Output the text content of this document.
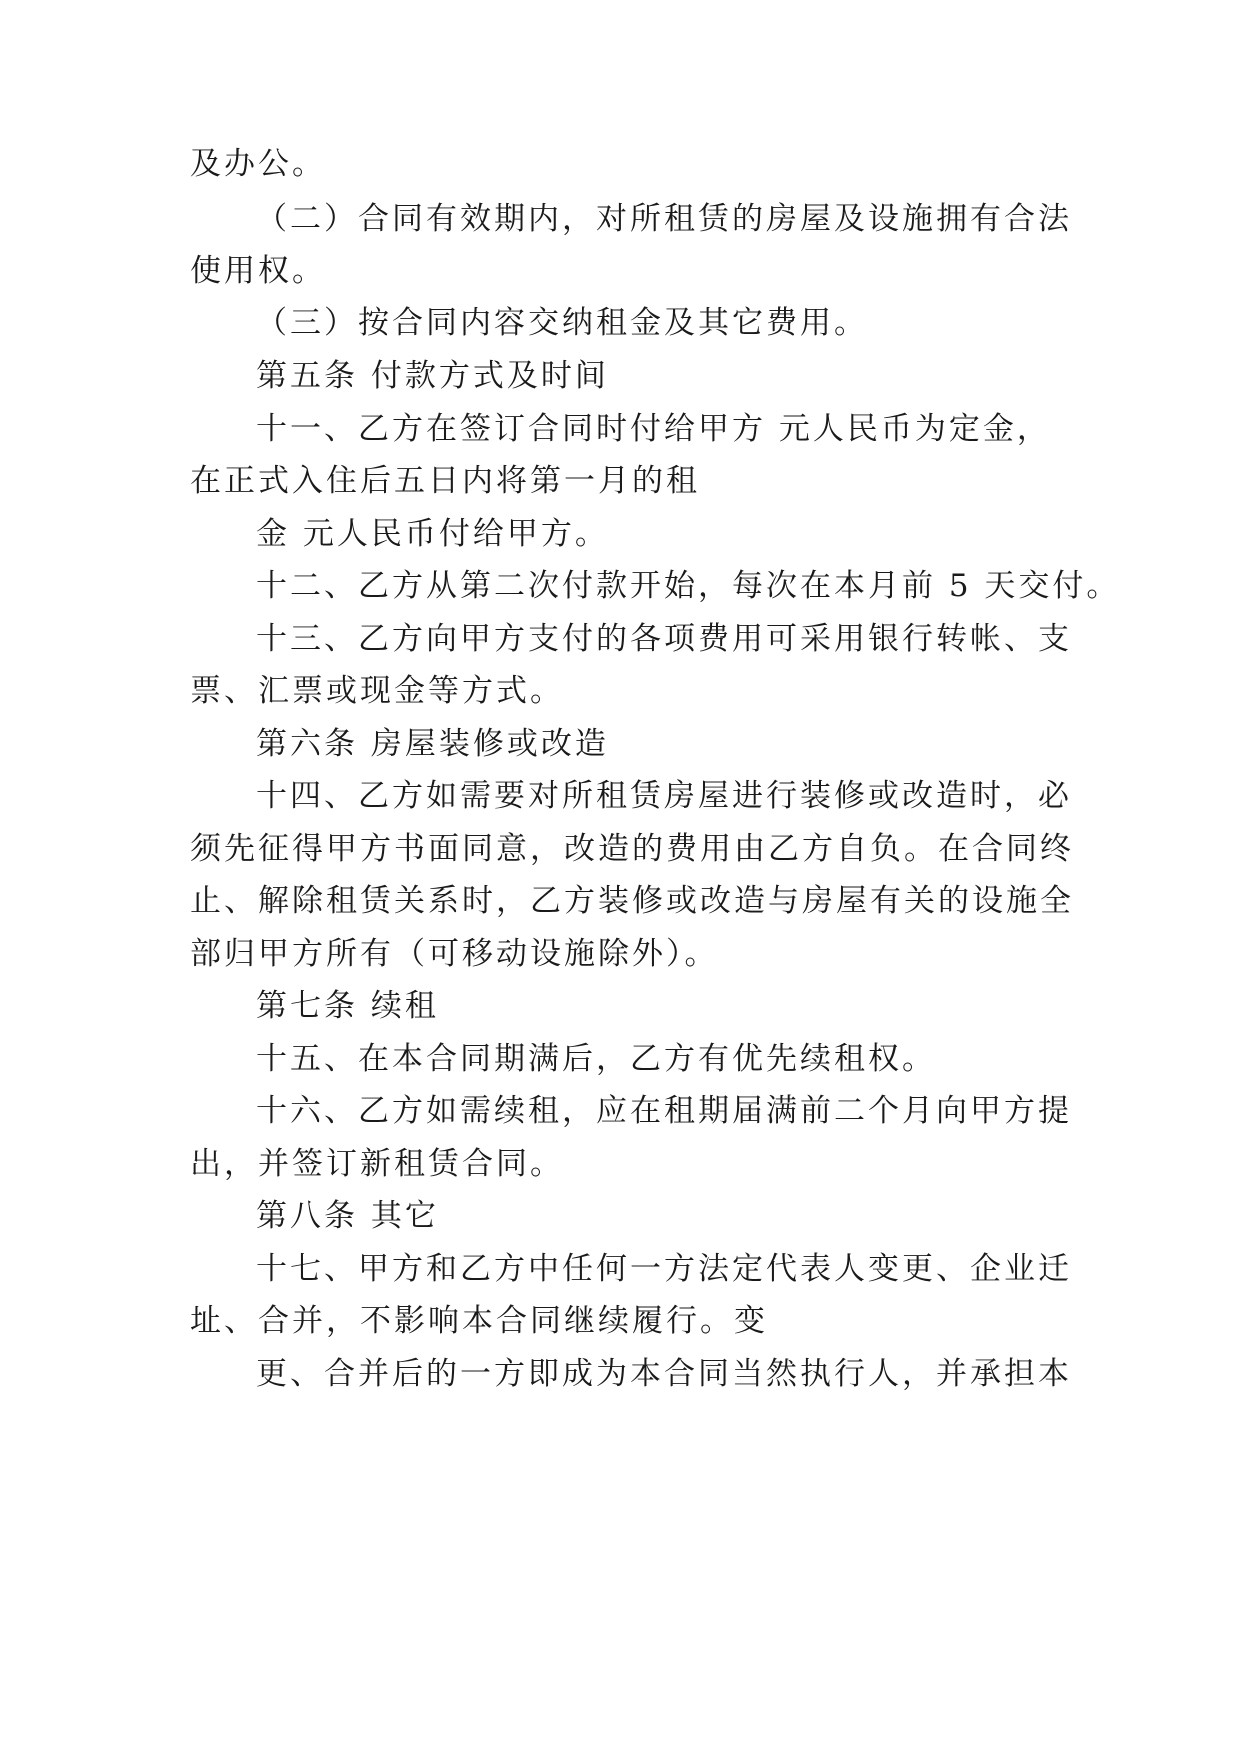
及办公。
（二）合同有效期内，对所租赁的房屋及设施拥有合法
使用权。
（三）按合同内容交纳租金及其它费用。
第五条 付款方式及时间
十一、乙方在签订合同时付给甲方 元人民币为定金，
在正式入住后五日内将第一月的租
金 元人民币付给甲方。
十二、乙方从第二次付款开始，每次在本月前 5 天交付。
十三、乙方向甲方支付的各项费用可采用银行转帐、支
票、汇票或现金等方式。
第六条 房屋装修或改造
十四、乙方如需要对所租赁房屋进行装修或改造时，必
须先征得甲方书面同意，改造的费用由乙方自负。在合同终
止、解除租赁关系时，乙方装修或改造与房屋有关的设施全
部归甲方所有（可移动设施除外）。
第七条 续租
十五、在本合同期满后，乙方有优先续租权。
十六、乙方如需续租，应在租期届满前二个月向甲方提
出，并签订新租赁合同。
第八条 其它
十七、甲方和乙方中任何一方法定代表人变更、企业迁
址、合并，不影响本合同继续履行。变
更、合并后的一方即成为本合同当然执行人，并承担本
